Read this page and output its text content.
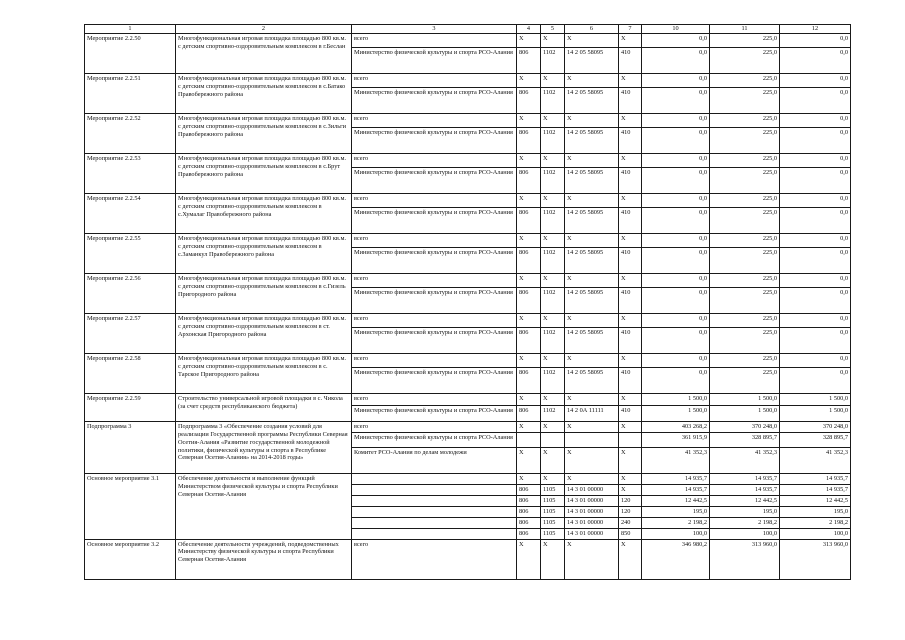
1	2	3	4	5	6	7	10	11	12
Мероприятие 2.2.50	Многофункциональная игровая площадка площадью 800 кв.м. с детским спортивно-оздоровительным комплексом в г.Беслан	всего	X	X	X	X	0,0	225,0	0,0
		Министерство физической культуры и спорта РСО-Алания	806	1102	14 2 05 58095	410	0,0	225,0	0,0
Мероприятие 2.2.51	Многофункциональная игровая площадка площадью 800 кв.м. с детским спортивно-оздоровительным комплексом в с.Батако Правобережного района	всего	X	X	X	X	0,0	225,0	0,0
		Министерство физической культуры и спорта РСО-Алания	806	1102	14 2 05 58095	410	0,0	225,0	0,0
Мероприятие 2.2.52	Многофункциональная игровая площадка площадью 800 кв.м. с детским спортивно-оздоровительным комплексом в с.Зильги Правобережного района	всего	X	X	X	X	0,0	225,0	0,0
		Министерство физической культуры и спорта РСО-Алания	806	1102	14 2 05 58095	410	0,0	225,0	0,0
Мероприятие 2.2.53	Многофункциональная игровая площадка площадью 800 кв.м. с детским спортивно-оздоровительным комплексом в с.Брут Правобережного района	всего	X	X	X	X	0,0	225,0	0,0
		Министерство физической культуры и спорта РСО-Алания	806	1102	14 2 05 58095	410	0,0	225,0	0,0
Мероприятие 2.2.54	Многофункциональная игровая площадка площадью 800 кв.м. с детским спортивно-оздоровительным комплексом в с.Хумалаг Правобережного района	всего	X	X	X	X	0,0	225,0	0,0
		Министерство физической культуры и спорта РСО-Алания	806	1102	14 2 05 58095	410	0,0	225,0	0,0
Мероприятие 2.2.55	Многофункциональная игровая площадка площадью 800 кв.м. с детским спортивно-оздоровительным комплексом в с.Заманкул Правобережного района	всего	X	X	X	X	0,0	225,0	0,0
		Министерство физической культуры и спорта РСО-Алания	806	1102	14 2 05 58095	410	0,0	225,0	0,0
Мероприятие 2.2.56	Многофункциональная игровая площадка площадью 800 кв.м. с детским спортивно-оздоровительным комплексом в с.Гизель Пригородного района	всего	X	X	X	X	0,0	225,0	0,0
		Министерство физической культуры и спорта РСО-Алания	806	1102	14 2 05 58095	410	0,0	225,0	0,0
Мероприятие 2.2.57	Многофункциональная игровая площадка площадью 800 кв.м. с детским спортивно-оздоровительным комплексом в ст. Архонская Пригородного района	всего	X	X	X	X	0,0	225,0	0,0
		Министерство физической культуры и спорта РСО-Алания	806	1102	14 2 05 58095	410	0,0	225,0	0,0
Мероприятие 2.2.58	Многофункциональная игровая площадка площадью 800 кв.м. с детским спортивно-оздоровительным комплексом в с. Тарское Пригородного района	всего	X	X	X	X	0,0	225,0	0,0
		Министерство физической культуры и спорта РСО-Алания	806	1102	14 2 05 58095	410	0,0	225,0	0,0
Мероприятие 2.2.59	Строительство универсальной игровой площадки в с. Чикола (за счет средств республиканского бюджета)	всего	X	X	X	X	1 500,0	1 500,0	1 500,0
		Министерство физической культуры и спорта РСО-Алания	806	1102	14 2 0А 11111	410	1 500,0	1 500,0	1 500,0
Подпрограмма 3	Подпрограмма 3 «Обеспечение создания условий для реализации Государственной программы Республики Северная Осетия-Алания «Развитие государственной молодежной политики, физической культуры и спорта в Республике Северная Осетия-Алания» на 2014-2018 годы»	всего	X	X	X	X	403 268,2	370 248,0	370 248,0
		Министерство физической культуры и спорта РСО-Алания					361 915,9	328 895,7	328 895,7
		Комитет РСО-Алания по делам молодежи	X	X	X	X	41 352,3	41 352,3	41 352,3
Основное мероприятие 3.1	Обеспечение деятельности и выполнение функций Министерством физической культуры и спорта Республики Северная Осетия-Алания		X	X	X	X	14 935,7	14 935,7	14 935,7
			806	1105	14 3 01 00000	X	14 935,7	14 935,7	14 935,7
			806	1105	14 3 01 00000	120	12 442,5	12 442,5	12 442,5
			806	1105	14 3 01 00000	120	195,0	195,0	195,0
			806	1105	14 3 01 00000	240	2 198,2	2 198,2	2 198,2
			806	1105	14 3 01 00000	850	100,0	100,0	100,0
Основное мероприятие 3.2	Обеспечение деятельности учреждений, подведомственных Министерству физической культуры и спорта Республики Северная Осетия-Алания	всего	X	X	X	X	346 980,2	313 960,0	313 960,0
